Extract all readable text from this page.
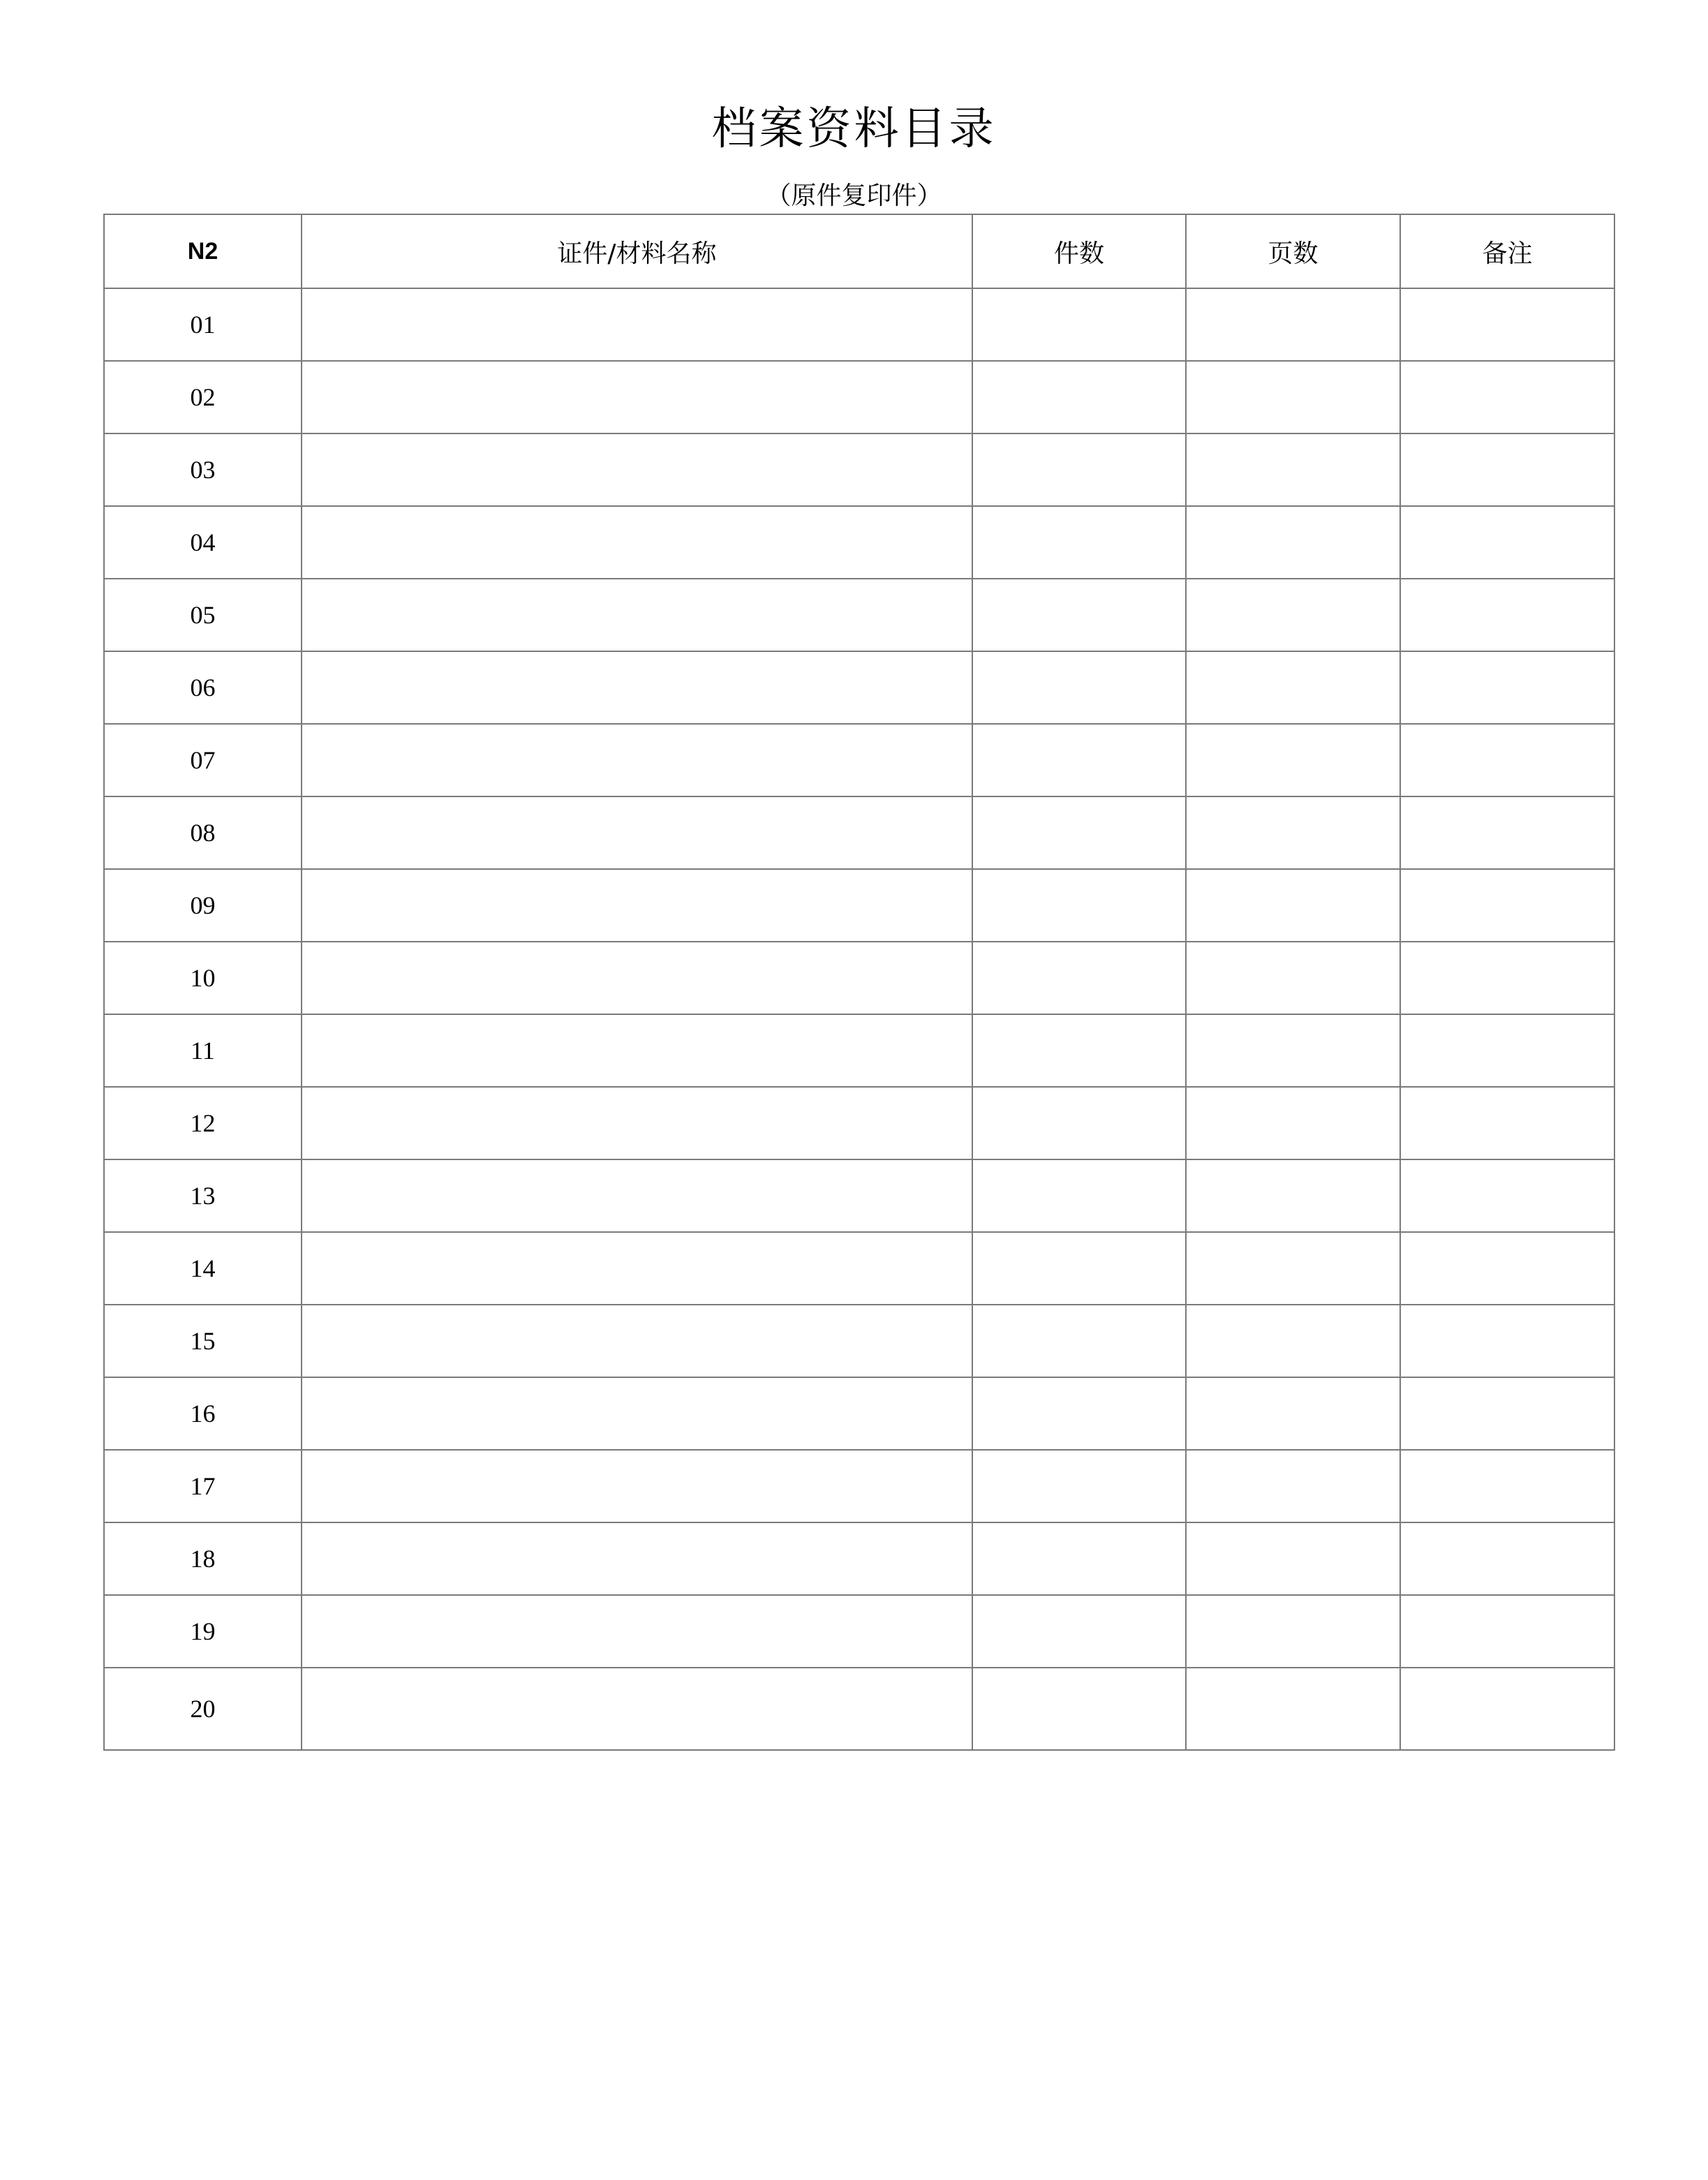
档案资料目录
（原件复印件）
N2	证件/材料名称	件数	页数	备注
01				
02				
03				
04				
05				
06				
07				
08				
09				
10				
11				
12				
13				
14				
15				
16				
17				
18				
19				
20				
